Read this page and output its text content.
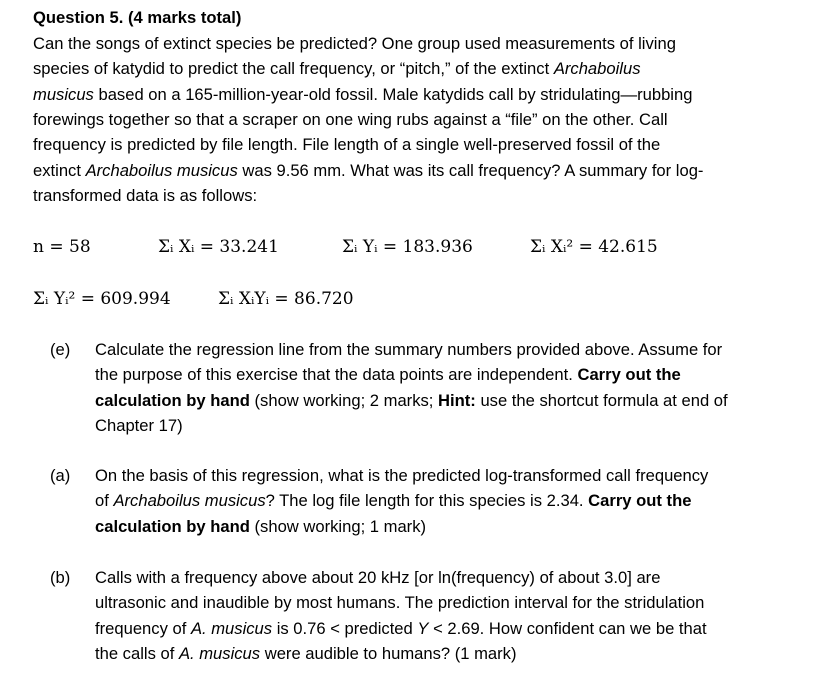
Question 5. (4 marks total)
Can the songs of extinct species be predicted? One group used measurements of living
species of katydid to predict the call frequency, or “pitch,” of the extinct Archaboilus
musicus based on a 165-million-year-old fossil. Male katydids call by stridulating—rubbing
forewings together so that a scraper on one wing rubs against a “file” on the other. Call
frequency is predicted by file length. File length of a single well-preserved fossil of the
extinct Archaboilus musicus was 9.56 mm. What was its call frequency? A summary for log-
transformed data is as follows:
n = 58	Σᵢ Xᵢ = 33.241	Σᵢ Yᵢ = 183.936	Σᵢ Xᵢ² = 42.615
Σᵢ Yᵢ² = 609.994	Σᵢ XᵢYᵢ = 86.720
(e) Calculate the regression line from the summary numbers provided above. Assume for
the purpose of this exercise that the data points are independent. Carry out the
calculation by hand (show working; 2 marks; Hint: use the shortcut formula at end of
Chapter 17)
(a) On the basis of this regression, what is the predicted log-transformed call frequency
of Archaboilus musicus? The log file length for this species is 2.34. Carry out the
calculation by hand (show working; 1 mark)
(b) Calls with a frequency above about 20 kHz [or ln(frequency) of about 3.0] are
ultrasonic and inaudible by most humans. The prediction interval for the stridulation
frequency of A. musicus is 0.76 < predicted Y < 2.69. How confident can we be that
the calls of A. musicus were audible to humans? (1 mark)
